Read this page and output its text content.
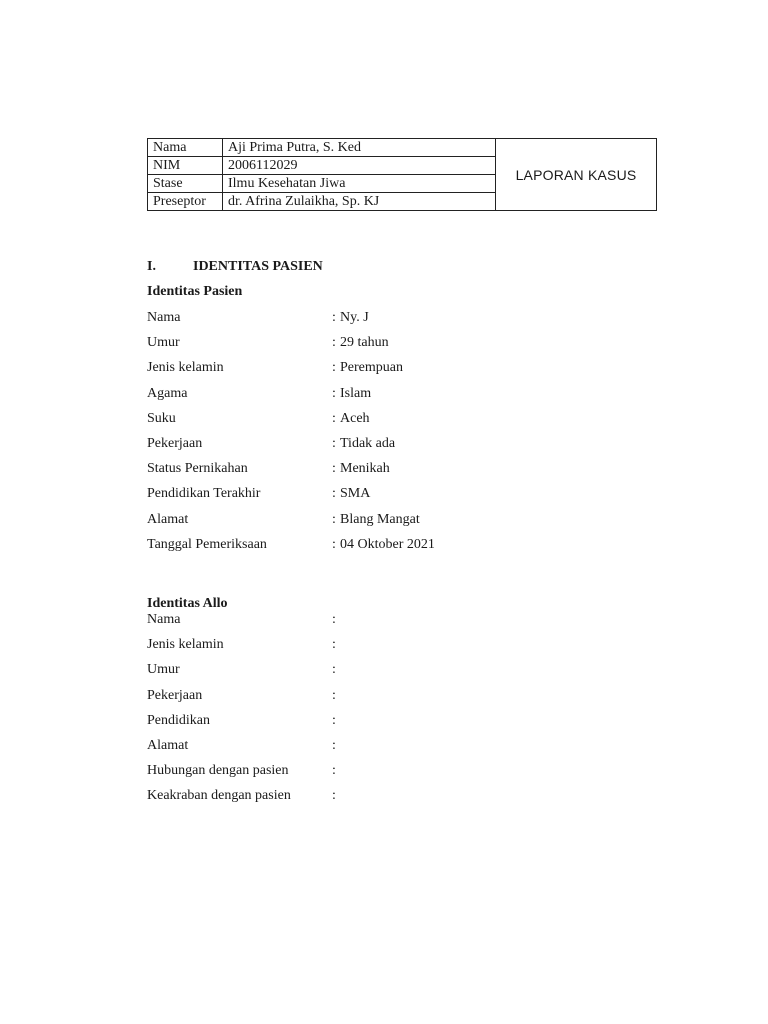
Nama	Aji Prima Putra, S. Ked	LAPORAN KASUS
NIM	2006112029	
Stase	Ilmu Kesehatan Jiwa	
Preseptor	dr. Afrina Zulaikha, Sp. KJ	
I.	IDENTITAS PASIEN
Identitas Pasien
Nama	: Ny. J
Umur	: 29 tahun
Jenis kelamin	: Perempuan
Agama	: Islam
Suku	: Aceh
Pekerjaan	: Tidak ada
Status Pernikahan	: Menikah
Pendidikan Terakhir	: SMA
Alamat	: Blang Mangat
Tanggal Pemeriksaan	: 04 Oktober 2021
Identitas Allo
Nama	:
Jenis kelamin	:
Umur	:
Pekerjaan	:
Pendidikan	:
Alamat	:
Hubungan dengan pasien	:
Keakraban dengan pasien	:
